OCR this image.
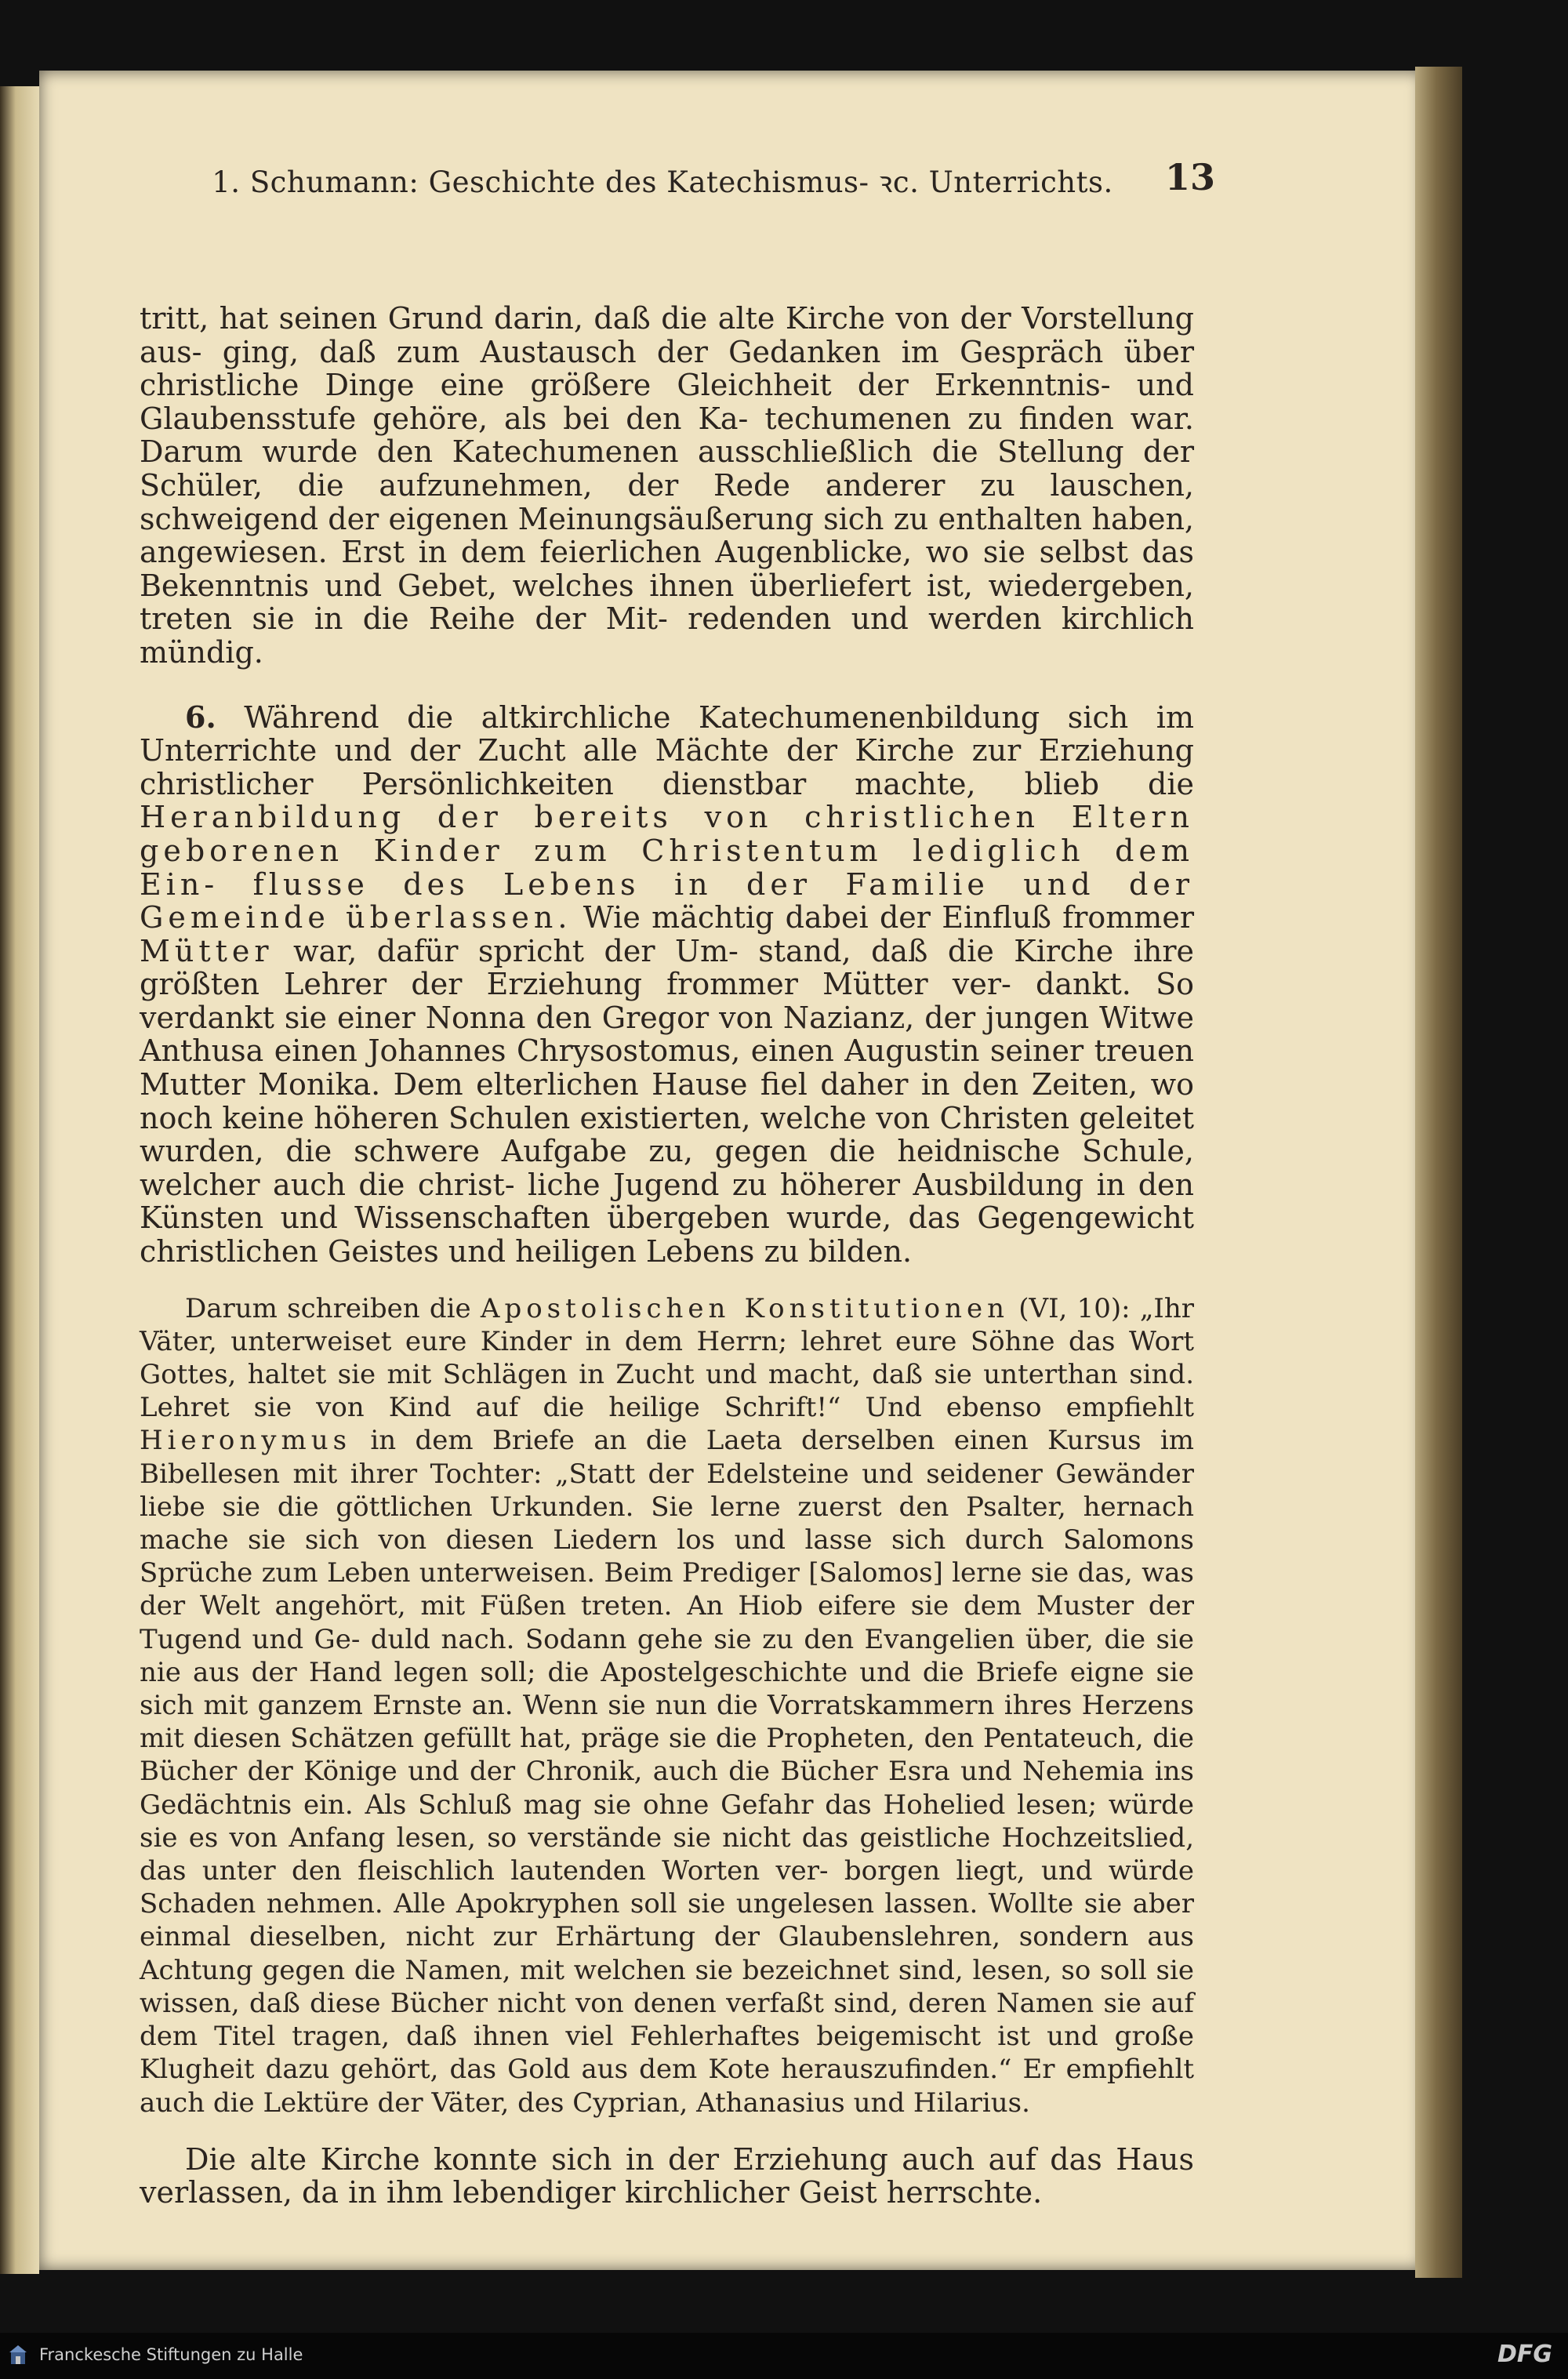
1. Schumann: Geschichte des Katechismus- ꝛc. Unterrichts.	13

tritt, hat seinen Grund darin, daß die alte Kirche von der Vorstellung aus- ging, daß zum Austausch der Gedanken im Gespräch über christliche Dinge eine größere Gleichheit der Erkenntnis- und Glaubensstufe gehöre, als bei den Ka- techumenen zu finden war. Darum wurde den Katechumenen ausschließlich die Stellung der Schüler, die aufzunehmen, der Rede anderer zu lauschen, schweigend der eigenen Meinungsäußerung sich zu enthalten haben, angewiesen. Erst in dem feierlichen Augenblicke, wo sie selbst das Bekenntnis und Gebet, welches ihnen überliefert ist, wiedergeben, treten sie in die Reihe der Mit- redenden und werden kirchlich mündig.

6. Während die altkirchliche Katechumenenbildung sich im Unterrichte und der Zucht alle Mächte der Kirche zur Erziehung christlicher Persönlichkeiten dienstbar machte, blieb die Heranbildung der bereits von christlichen Eltern geborenen Kinder zum Christentum lediglich dem Ein- flusse des Lebens in der Familie und der Gemeinde überlassen. Wie mächtig dabei der Einfluß frommer Mütter war, dafür spricht der Um- stand, daß die Kirche ihre größten Lehrer der Erziehung frommer Mütter ver- dankt. So verdankt sie einer Nonna den Gregor von Nazianz, der jungen Witwe Anthusa einen Johannes Chrysostomus, einen Augustin seiner treuen Mutter Monika. Dem elterlichen Hause fiel daher in den Zeiten, wo noch keine höheren Schulen existierten, welche von Christen geleitet wurden, die schwere Aufgabe zu, gegen die heidnische Schule, welcher auch die christ- liche Jugend zu höherer Ausbildung in den Künsten und Wissenschaften übergeben wurde, das Gegengewicht christlichen Geistes und heiligen Lebens zu bilden.

Darum schreiben die Apostolischen Konstitutionen (VI, 10): „Ihr Väter, unterweiset eure Kinder in dem Herrn; lehret eure Söhne das Wort Gottes, haltet sie mit Schlägen in Zucht und macht, daß sie unterthan sind. Lehret sie von Kind auf die heilige Schrift!“ Und ebenso empfiehlt Hieronymus in dem Briefe an die Laeta derselben einen Kursus im Bibellesen mit ihrer Tochter: „Statt der Edelsteine und seidener Gewänder liebe sie die göttlichen Urkunden. Sie lerne zuerst den Psalter, hernach mache sie sich von diesen Liedern los und lasse sich durch Salomons Sprüche zum Leben unterweisen. Beim Prediger [Salomos] lerne sie das, was der Welt angehört, mit Füßen treten. An Hiob eifere sie dem Muster der Tugend und Ge- duld nach. Sodann gehe sie zu den Evangelien über, die sie nie aus der Hand legen soll; die Apostelgeschichte und die Briefe eigne sie sich mit ganzem Ernste an. Wenn sie nun die Vorratskammern ihres Herzens mit diesen Schätzen gefüllt hat, präge sie die Propheten, den Pentateuch, die Bücher der Könige und der Chronik, auch die Bücher Esra und Nehemia ins Gedächtnis ein. Als Schluß mag sie ohne Gefahr das Hohelied lesen; würde sie es von Anfang lesen, so verstände sie nicht das geistliche Hochzeitslied, das unter den fleischlich lautenden Worten ver- borgen liegt, und würde Schaden nehmen. Alle Apokryphen soll sie ungelesen lassen. Wollte sie aber einmal dieselben, nicht zur Erhärtung der Glaubenslehren, sondern aus Achtung gegen die Namen, mit welchen sie bezeichnet sind, lesen, so soll sie wissen, daß diese Bücher nicht von denen verfaßt sind, deren Namen sie auf dem Titel tragen, daß ihnen viel Fehlerhaftes beigemischt ist und große Klugheit dazu gehört, das Gold aus dem Kote herauszufinden.“ Er empfiehlt auch die Lektüre der Väter, des Cyprian, Athanasius und Hilarius.

Die alte Kirche konnte sich in der Erziehung auch auf das Haus verlassen, da in ihm lebendiger kirchlicher Geist herrschte.

Franckesche Stiftungen zu Halle	DFG
